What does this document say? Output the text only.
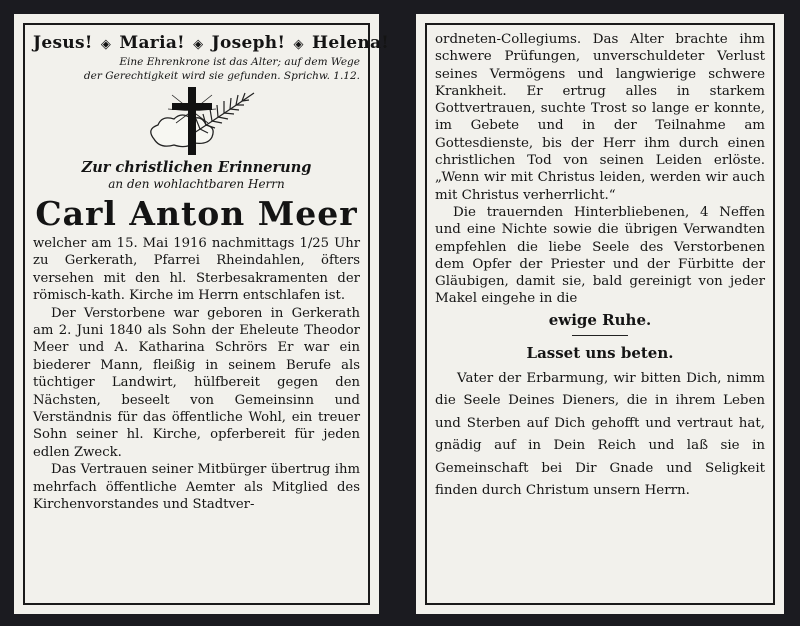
Jesus! ◈ Maria! ◈ Joseph! ◈ Helena!
Eine Ehrenkrone ist das Alter; auf dem Wege
der Gerechtigkeit wird sie gefunden. Sprichw. 1.12.
Zur christlichen Erinnerung
an den wohlachtbaren Herrn
Carl Anton Meer

welcher am 15. Mai 1916 nachmittags 1/25 Uhr zu Gerkerath, Pfarrei Rheindahlen, öfters versehen mit den hl. Sterbesakramenten der römisch-kath. Kirche im Herrn entschlafen ist.

Der Verstorbene war geboren in Gerkerath am 2. Juni 1840 als Sohn der Eheleute Theodor Meer und A. Katharina Schrörs Er war ein biederer Mann, fleißig in seinem Berufe als tüchtiger Landwirt, hülfbereit gegen den Nächsten, beseelt von Gemeinsinn und Verständnis für das öffentliche Wohl, ein treuer Sohn seiner hl. Kirche, opferbereit für jeden edlen Zweck.

Das Vertrauen seiner Mitbürger übertrug ihm mehrfach öffentliche Aemter als Mitglied des Kirchenvorstandes und Stadtver-

ordneten-Collegiums. Das Alter brachte ihm schwere Prüfungen, unverschuldeter Verlust seines Vermögens und langwierige schwere Krankheit. Er ertrug alles in starkem Gottvertrauen, suchte Trost so lange er konnte, im Gebete und in der Teilnahme am Gottesdienste, bis der Herr ihm durch einen christlichen Tod von seinen Leiden erlöste. „Wenn wir mit Christus leiden, werden wir auch mit Christus verherrlicht.“

Die trauernden Hinterbliebenen, 4 Neffen und eine Nichte sowie die übrigen Verwandten empfehlen die liebe Seele des Verstorbenen dem Opfer der Priester und der Fürbitte der Gläubigen, damit sie, bald gereinigt von jeder Makel eingehe in die

ewige Ruhe.
Lasset uns beten.

Vater der Erbarmung, wir bitten Dich, nimm die Seele Deines Dieners, die in ihrem Leben und Sterben auf Dich gehofft und vertraut hat, gnädig auf in Dein Reich und laß sie in Gemeinschaft bei Dir Gnade und Seligkeit finden durch Christum unsern Herrn.
